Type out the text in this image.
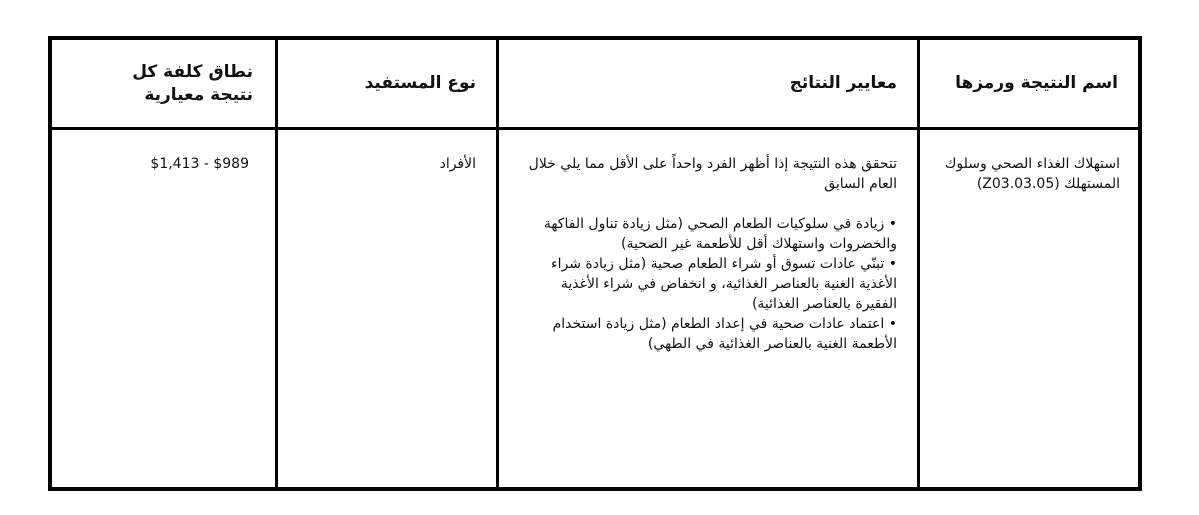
اسم النتيجة ورمزها
معايير النتائج
نوع المستفيد
نطاق كلفة كل نتيجة معيارية
استهلاك الغذاء الصحي وسلوك المستهلك (Z03.03.05)
تتحقق هذه النتيجة إذا أظهر الفرد واحداً على الأقل مما يلي خلال العام السابق
• زيادة في سلوكيات الطعام الصحي (مثل زيادة تناول الفاكهة والخضروات واستهلاك أقل للأطعمة غير الصحية)
• تبنّي عادات تسوق أو شراء الطعام صحية (مثل زيادة شراء الأغذية الغنية بالعناصر الغذائية، و انخفاض في شراء الأغذية الفقيرة بالعناصر الغذائية)
• اعتماد عادات صحية في إعداد الطعام (مثل زيادة استخدام الأطعمة الغنية بالعناصر الغذائية في الطهي)
الأفراد
$1,413 - $989
